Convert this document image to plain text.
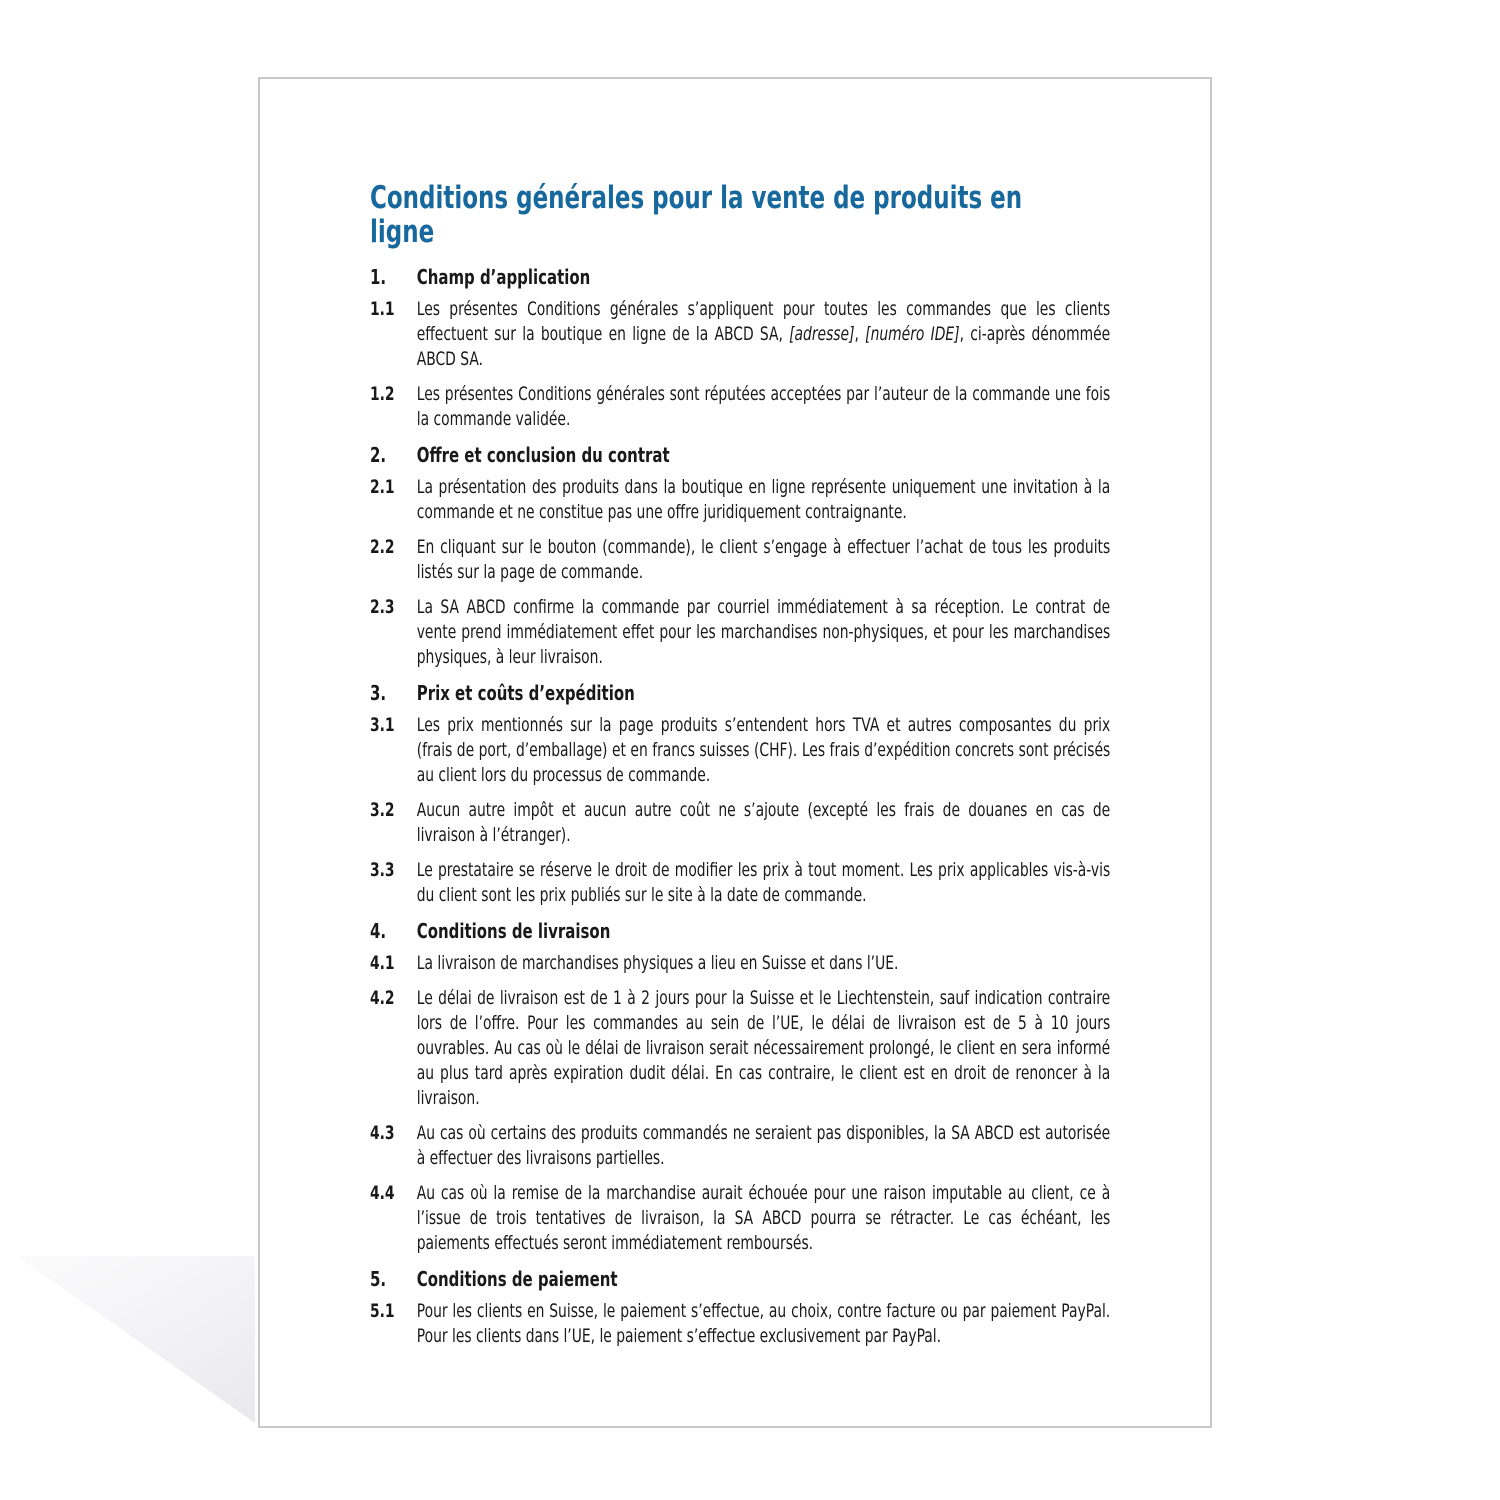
Conditions générales pour la vente de produits en ligne
1.	Champ d’application
1.1	Les présentes Conditions générales s’appliquent pour toutes les commandes que les clients effectuent sur la boutique en ligne de la ABCD SA, [adresse], [numéro IDE], ci-après dénommée ABCD SA.
1.2	Les présentes Conditions générales sont réputées acceptées par l’auteur de la commande une fois la commande validée.
2.	Offre et conclusion du contrat
2.1	La présentation des produits dans la boutique en ligne représente uniquement une invitation à la commande et ne constitue pas une offre juridiquement contraignante.
2.2	En cliquant sur le bouton (commande), le client s’engage à effectuer l’achat de tous les produits listés sur la page de commande.
2.3	La SA ABCD confirme la commande par courriel immédiatement à sa réception. Le contrat de vente prend immédiatement effet pour les marchandises non-physiques, et pour les marchandises physiques, à leur livraison.
3.	Prix et coûts d’expédition
3.1	Les prix mentionnés sur la page produits s’entendent hors TVA et autres composantes du prix (frais de port, d’emballage) et en francs suisses (CHF). Les frais d’expédition concrets sont précisés au client lors du processus de commande.
3.2	Aucun autre impôt et aucun autre coût ne s’ajoute (excepté les frais de douanes en cas de livraison à l’étranger).
3.3	Le prestataire se réserve le droit de modifier les prix à tout moment. Les prix applicables vis-à-vis du client sont les prix publiés sur le site à la date de commande.
4.	Conditions de livraison
4.1	La livraison de marchandises physiques a lieu en Suisse et dans l’UE.
4.2	Le délai de livraison est de 1 à 2 jours pour la Suisse et le Liechtenstein, sauf indication contraire lors de l’offre. Pour les commandes au sein de l’UE, le délai de livraison est de 5 à 10 jours ouvrables. Au cas où le délai de livraison serait nécessairement prolongé, le client en sera informé au plus tard après expiration dudit délai. En cas contraire, le client est en droit de renoncer à la livraison.
4.3	Au cas où certains des produits commandés ne seraient pas disponibles, la SA ABCD est autorisée à effectuer des livraisons partielles.
4.4	Au cas où la remise de la marchandise aurait échouée pour une raison imputable au client, ce à l’issue de trois tentatives de livraison, la SA ABCD pourra se rétracter. Le cas échéant, les paiements effectués seront immédiatement remboursés.
5.	Conditions de paiement
5.1	Pour les clients en Suisse, le paiement s’effectue, au choix, contre facture ou par paiement PayPal. Pour les clients dans l’UE, le paiement s’effectue exclusivement par PayPal.
